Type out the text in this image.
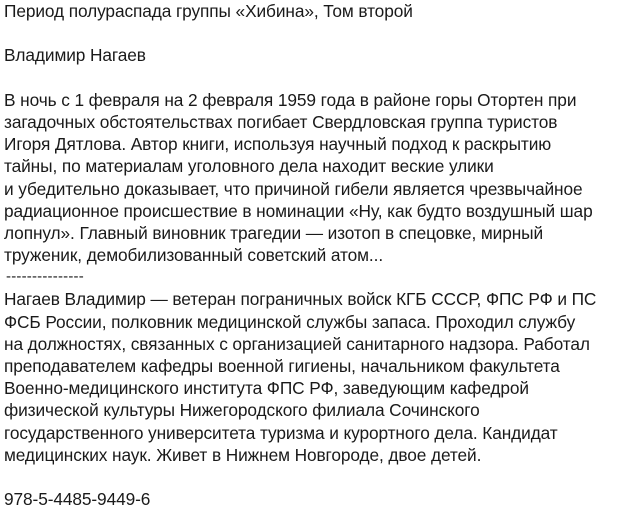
Период полураспада группы «Хибина», Том второй
Владимир Нагаев
В ночь с 1 февраля на 2 февраля 1959 года в районе горы Отортен при
загадочных обстоятельствах погибает Свердловская группа туристов
Игоря Дятлова. Автор книги, используя научный подход к раскрытию
тайны, по материалам уголовного дела находит веские улики
и убедительно доказывает, что причиной гибели является чрезвычайное
радиационное происшествие в номинации «Ну, как будто воздушный шар
лопнул». Главный виновник трагедии — изотоп в спецовке, мирный
труженик, демобилизованный советский атом...
---------------
Нагаев Владимир — ветеран пограничных войск КГБ СССР, ФПС РФ и ПС
ФСБ России, полковник медицинской службы запаса. Проходил службу
на должностях, связанных с организацией санитарного надзора. Работал
преподавателем кафедры военной гигиены, начальником факультета
Военно-медицинского института ФПС РФ, заведующим кафедрой
физической культуры Нижегородского филиала Сочинского
государственного университета туризма и курортного дела. Кандидат
медицинских наук. Живет в Нижнем Новгороде, двое детей.
978-5-4485-9449-6
